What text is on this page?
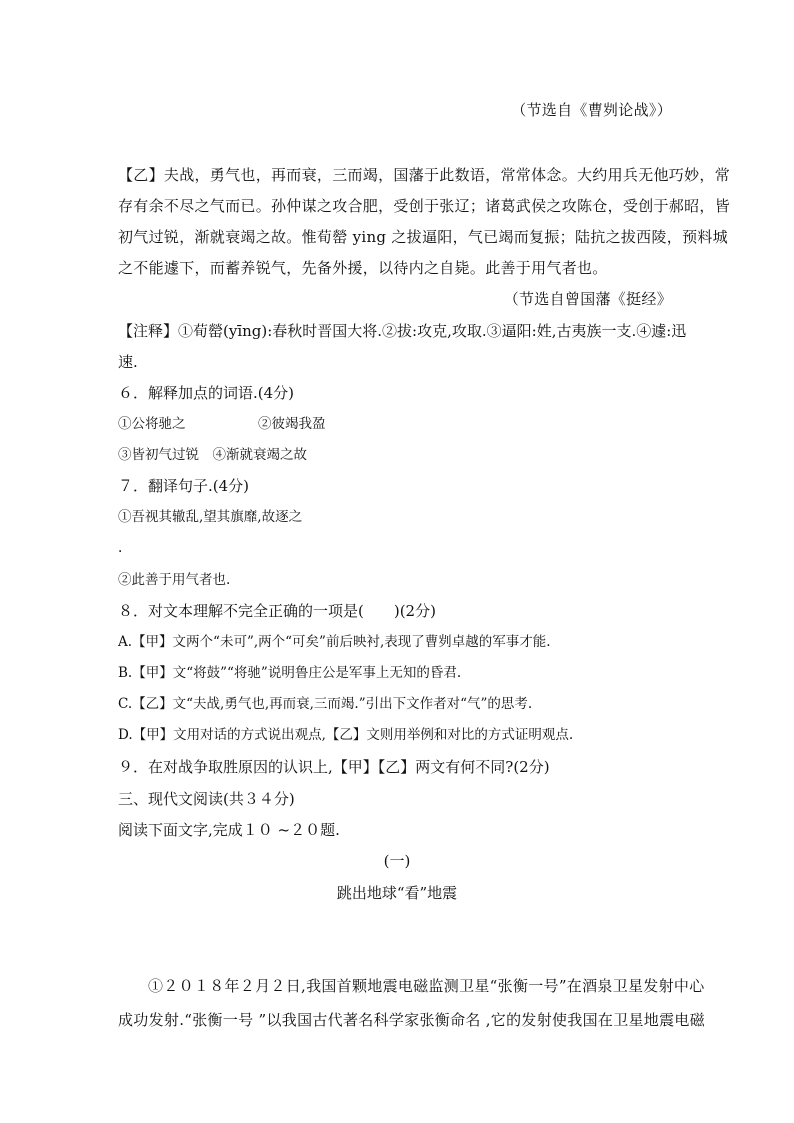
（节选自《曹刿论战》）
【乙】夫战，勇气也，再而衰，三而竭，国藩于此数语，常常体念。大约用兵无他巧妙，常
存有余不尽之气而已。孙仲谋之攻合肥，受创于张辽；诸葛武侯之攻陈仓，受创于郝昭，皆
初气过锐，渐就衰竭之故。惟荀罃 ying 之拔逼阳，气已竭而复振；陆抗之拔西陵，预料城
之不能遽下，而蓄养锐气，先备外援，以待内之自毙。此善于用气者也。
（节选自曾国藩《挺经》
【注释】①荀罃(yīng):春秋时晋国大将.②拔:攻克,攻取.③逼阳:姓,古夷族一支.④遽:迅
速.
６．解释加点的词语.(4分)
①公将驰之	②彼竭我盈
③皆初气过锐　④渐就衰竭之故
７．翻译句子.(4分)
①吾视其辙乱,望其旗靡,故逐之
.
②此善于用气者也.
８．对文本理解不完全正确的一项是(　　)(2分)
A.【甲】文两个“未可”,两个“可矣”前后映衬,表现了曹刿卓越的军事才能.
B.【甲】文“将鼓”“将驰”说明鲁庄公是军事上无知的昏君.
C.【乙】文“夫战,勇气也,再而衰,三而竭.”引出下文作者对“气”的思考.
D.【甲】文用对话的方式说出观点,【乙】文则用举例和对比的方式证明观点.
９．在对战争取胜原因的认识上,【甲】【乙】两文有何不同?(2分)
三、现代文阅读(共３４分)
阅读下面文字,完成１０ ~２０题.
(一)
跳出地球“看”地震
①２０１８年２月２日,我国首颗地震电磁监测卫星“张衡一号”在酒泉卫星发射中心
成功发射.“张衡一号 ”以我国古代著名科学家张衡命名 ,它的发射使我国在卫星地震电磁
